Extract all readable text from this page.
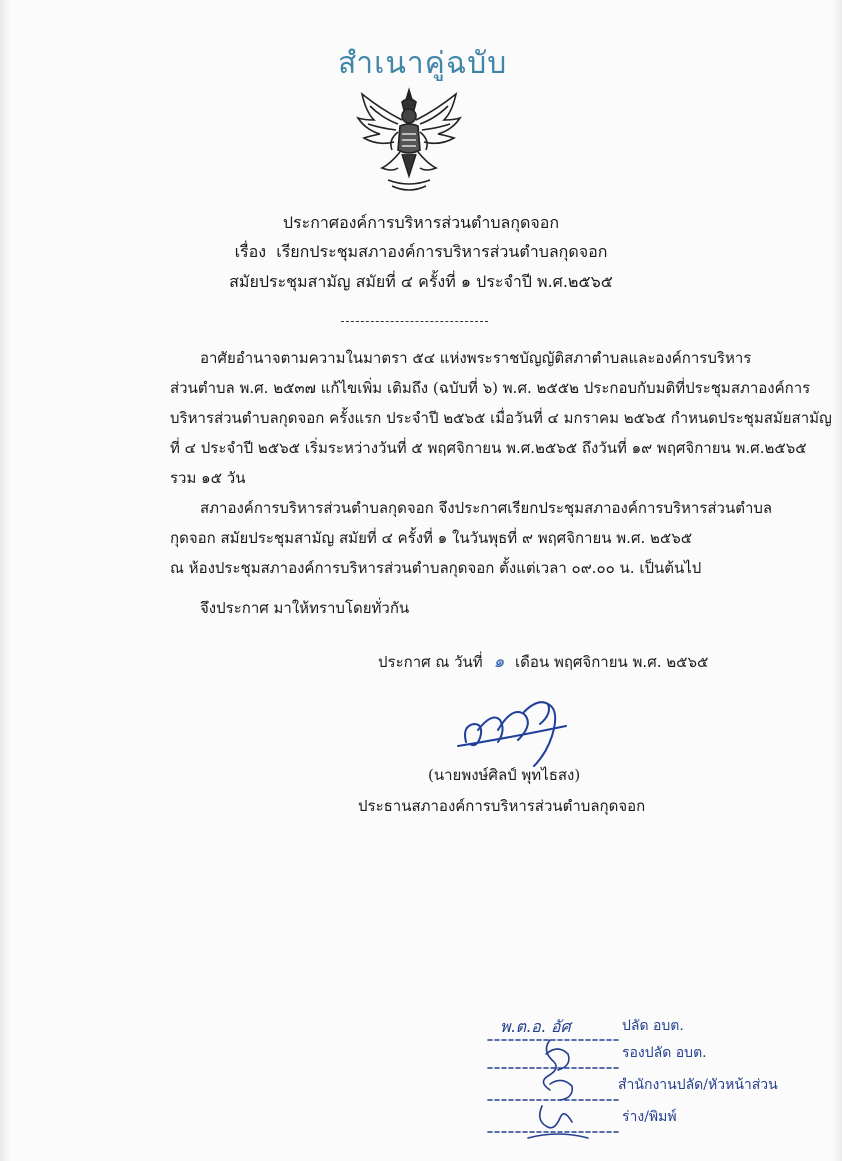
สำเนาคู่ฉบับ
ประกาศองค์การบริหารส่วนตำบลกุดจอก
เรื่อง เรียกประชุมสภาองค์การบริหารส่วนตำบลกุดจอก
สมัยประชุมสามัญ สมัยที่ ๔ ครั้งที่ ๑ ประจำปี พ.ศ.๒๕๖๕
อาศัยอำนาจตามความในมาตรา ๕๔ แห่งพระราชบัญญัติสภาตำบลและองค์การบริหาร
ส่วนตำบล พ.ศ. ๒๕๓๗ แก้ไขเพิ่ม เติมถึง (ฉบับที่ ๖) พ.ศ. ๒๕๕๒ ประกอบกับมติที่ประชุมสภาองค์การ
บริหารส่วนตำบลกุดจอก ครั้งแรก ประจำปี ๒๕๖๕ เมื่อวันที่ ๔ มกราคม ๒๕๖๕ กำหนดประชุมสมัยสามัญ
ที่ ๔ ประจำปี ๒๕๖๕ เริ่มระหว่างวันที่ ๕ พฤศจิกายน พ.ศ.๒๕๖๕ ถึงวันที่ ๑๙ พฤศจิกายน พ.ศ.๒๕๖๕
รวม ๑๕ วัน
สภาองค์การบริหารส่วนตำบลกุดจอก จึงประกาศเรียกประชุมสภาองค์การบริหารส่วนตำบล
กุดจอก สมัยประชุมสามัญ สมัยที่ ๔ ครั้งที่ ๑ ในวันพุธที่ ๙ พฤศจิกายน พ.ศ. ๒๕๖๕
ณ ห้องประชุมสภาองค์การบริหารส่วนตำบลกุดจอก ตั้งแต่เวลา ๐๙.๐๐ น. เป็นต้นไป
จึงประกาศ มาให้ทราบโดยทั่วกัน
ประกาศ ณ วันที่ ๑ เดือน พฤศจิกายน พ.ศ. ๒๕๖๕
(นายพงษ์ศิลป์ พุทไธสง)
ประธานสภาองค์การบริหารส่วนตำบลกุดจอก
พ.ต.อ. อัศ	ปลัด อบต.
รองปลัด อบต.
สำนักงานปลัด/หัวหน้าส่วน
ร่าง/พิมพ์
